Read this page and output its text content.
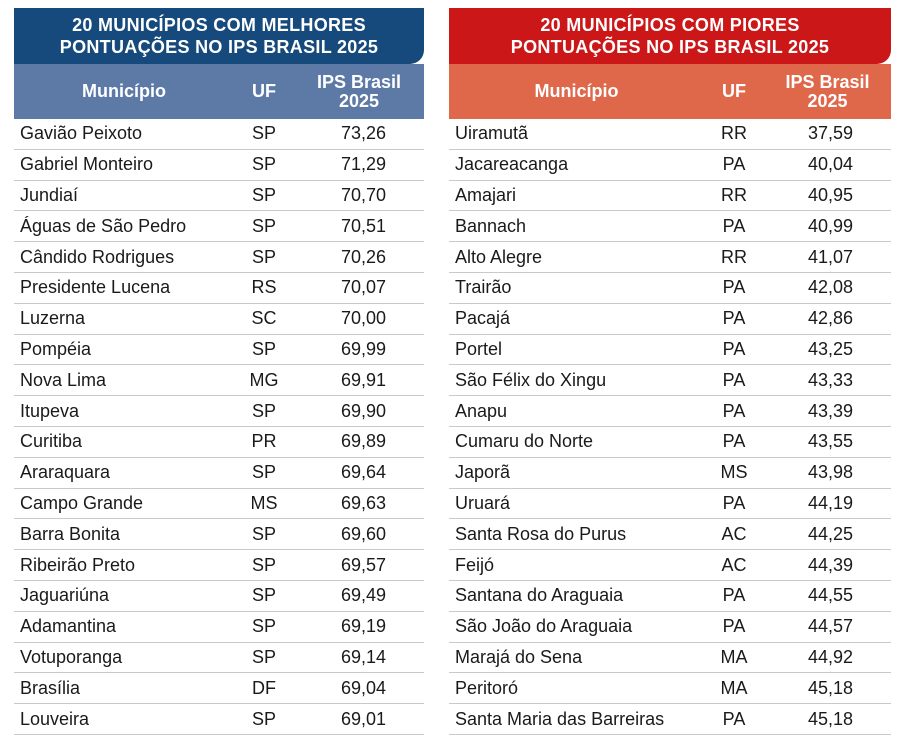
20 MUNICÍPIOS COM MELHORES
PONTUAÇÕES NO IPS BRASIL 2025
Município	UF	IPS Brasil
2025
Gavião Peixoto	SP	73,26
Gabriel Monteiro	SP	71,29
Jundiaí	SP	70,70
Águas de São Pedro	SP	70,51
Cândido Rodrigues	SP	70,26
Presidente Lucena	RS	70,07
Luzerna	SC	70,00
Pompéia	SP	69,99
Nova Lima	MG	69,91
Itupeva	SP	69,90
Curitiba	PR	69,89
Araraquara	SP	69,64
Campo Grande	MS	69,63
Barra Bonita	SP	69,60
Ribeirão Preto	SP	69,57
Jaguariúna	SP	69,49
Adamantina	SP	69,19
Votuporanga	SP	69,14
Brasília	DF	69,04
Louveira	SP	69,01
20 MUNICÍPIOS COM PIORES
PONTUAÇÕES NO IPS BRASIL 2025
Município	UF	IPS Brasil
2025
Uiramutã	RR	37,59
Jacareacanga	PA	40,04
Amajari	RR	40,95
Bannach	PA	40,99
Alto Alegre	RR	41,07
Trairão	PA	42,08
Pacajá	PA	42,86
Portel	PA	43,25
São Félix do Xingu	PA	43,33
Anapu	PA	43,39
Cumaru do Norte	PA	43,55
Japorã	MS	43,98
Uruará	PA	44,19
Santa Rosa do Purus	AC	44,25
Feijó	AC	44,39
Santana do Araguaia	PA	44,55
São João do Araguaia	PA	44,57
Marajá do Sena	MA	44,92
Peritoró	MA	45,18
Santa Maria das Barreiras	PA	45,18
